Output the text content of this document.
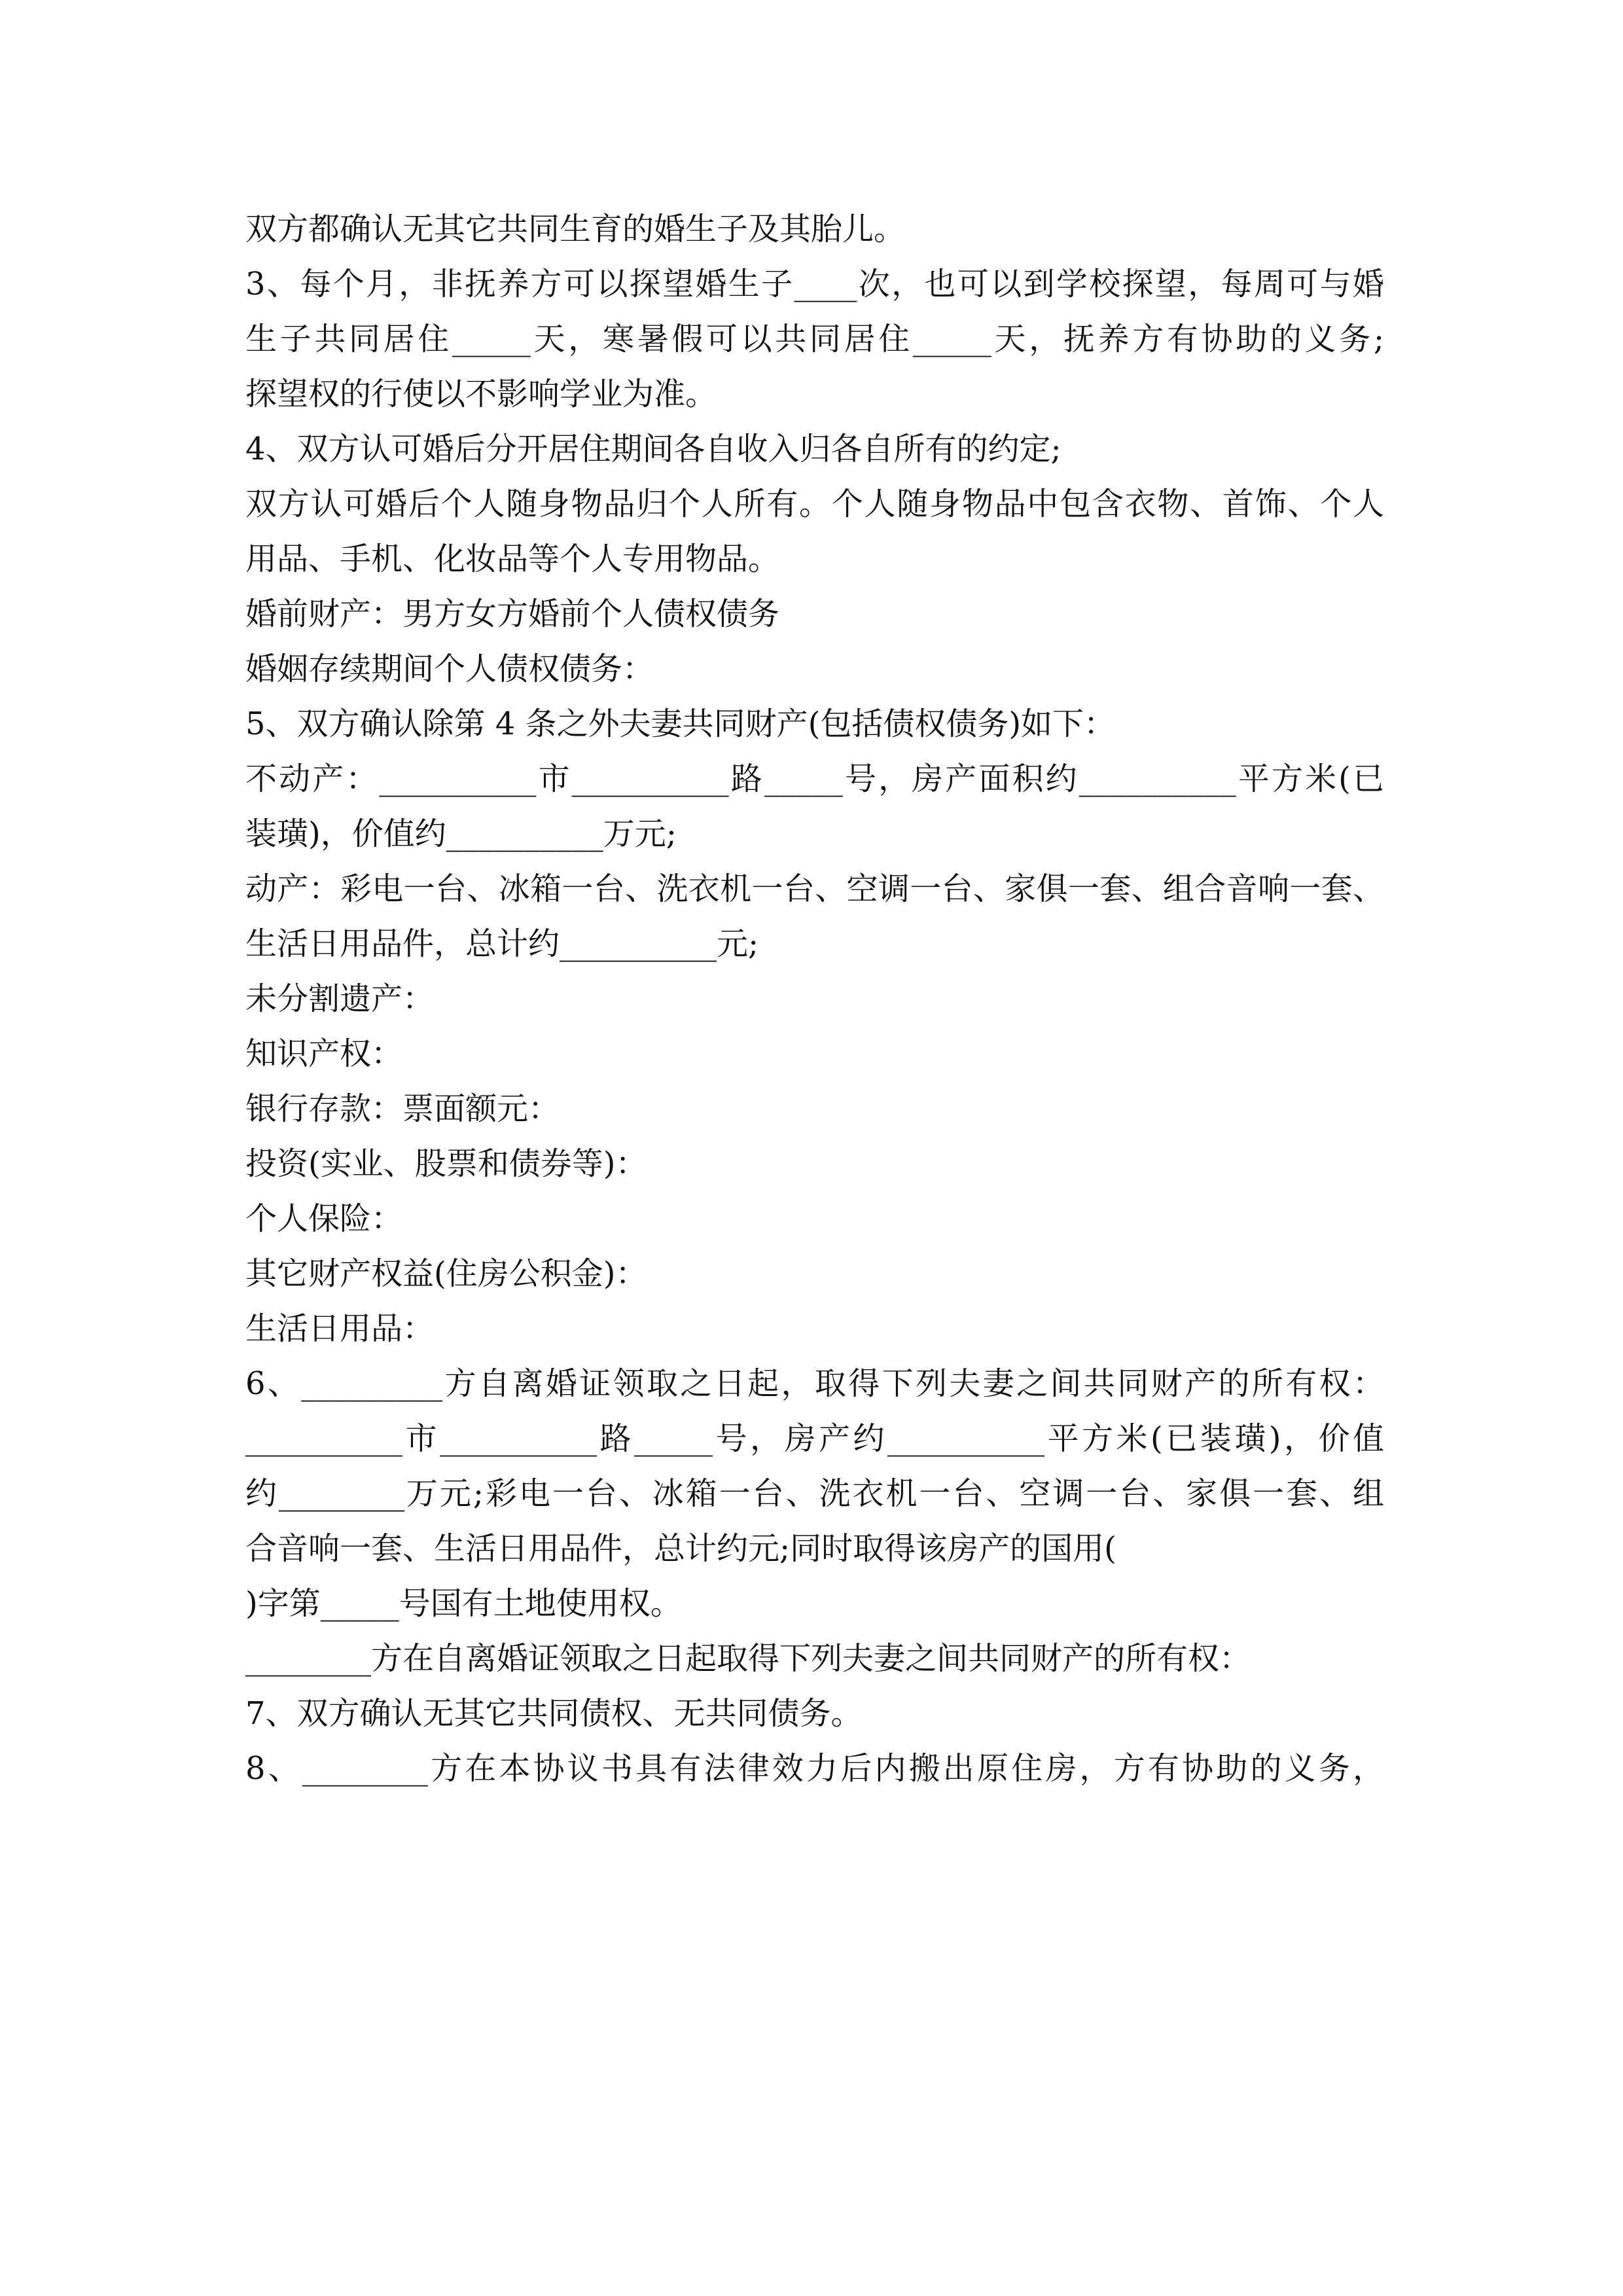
双方都确认无其它共同生育的婚生子及其胎儿。
3、每个月，非抚养方可以探望婚生子____次，也可以到学校探望，每周可与婚
生子共同居住_____天，寒暑假可以共同居住_____天，抚养方有协助的义务;
探望权的行使以不影响学业为准。
4、双方认可婚后分开居住期间各自收入归各自所有的约定;
双方认可婚后个人随身物品归个人所有。个人随身物品中包含衣物、首饰、个人
用品、手机、化妆品等个人专用物品。
婚前财产：男方女方婚前个人债权债务
婚姻存续期间个人债权债务：
5、双方确认除第 4 条之外夫妻共同财产(包括债权债务)如下：
不动产：__________市__________路_____号，房产面积约__________平方米(已
装璜)，价值约__________万元;
动产：彩电一台、冰箱一台、洗衣机一台、空调一台、家俱一套、组合音响一套、
生活日用品件，总计约__________元;
未分割遗产：
知识产权：
银行存款：票面额元：
投资(实业、股票和债券等)：
个人保险：
其它财产权益(住房公积金)：
生活日用品：
6、_________方自离婚证领取之日起，取得下列夫妻之间共同财产的所有权：
__________市__________路_____号，房产约__________平方米(已装璜)，价值
约________万元;彩电一台、冰箱一台、洗衣机一台、空调一台、家俱一套、组
合音响一套、生活日用品件，总计约元;同时取得该房产的国用(
)字第_____号国有土地使用权。
________方在自离婚证领取之日起取得下列夫妻之间共同财产的所有权：
7、双方确认无其它共同债权、无共同债务。
8、________方在本协议书具有法律效力后内搬出原住房，方有协助的义务，
